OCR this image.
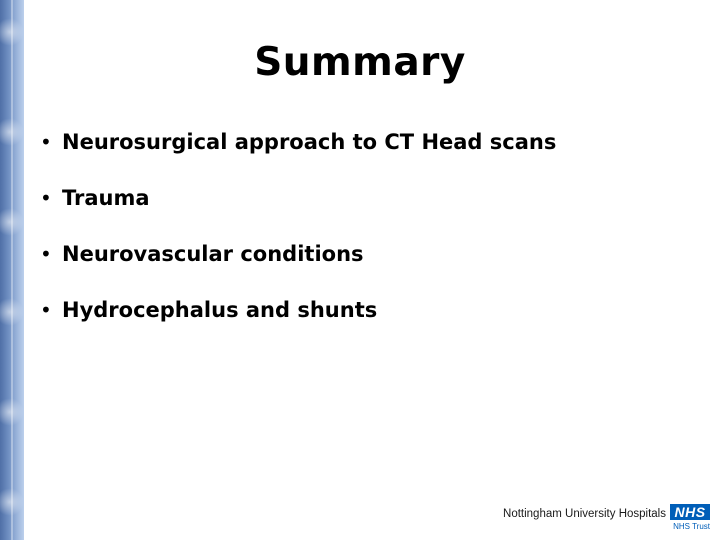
Summary
• Neurosurgical approach to CT Head scans
• Trauma
• Neurovascular conditions
• Hydrocephalus and shunts
Nottingham University Hospitals NHS
NHS Trust
